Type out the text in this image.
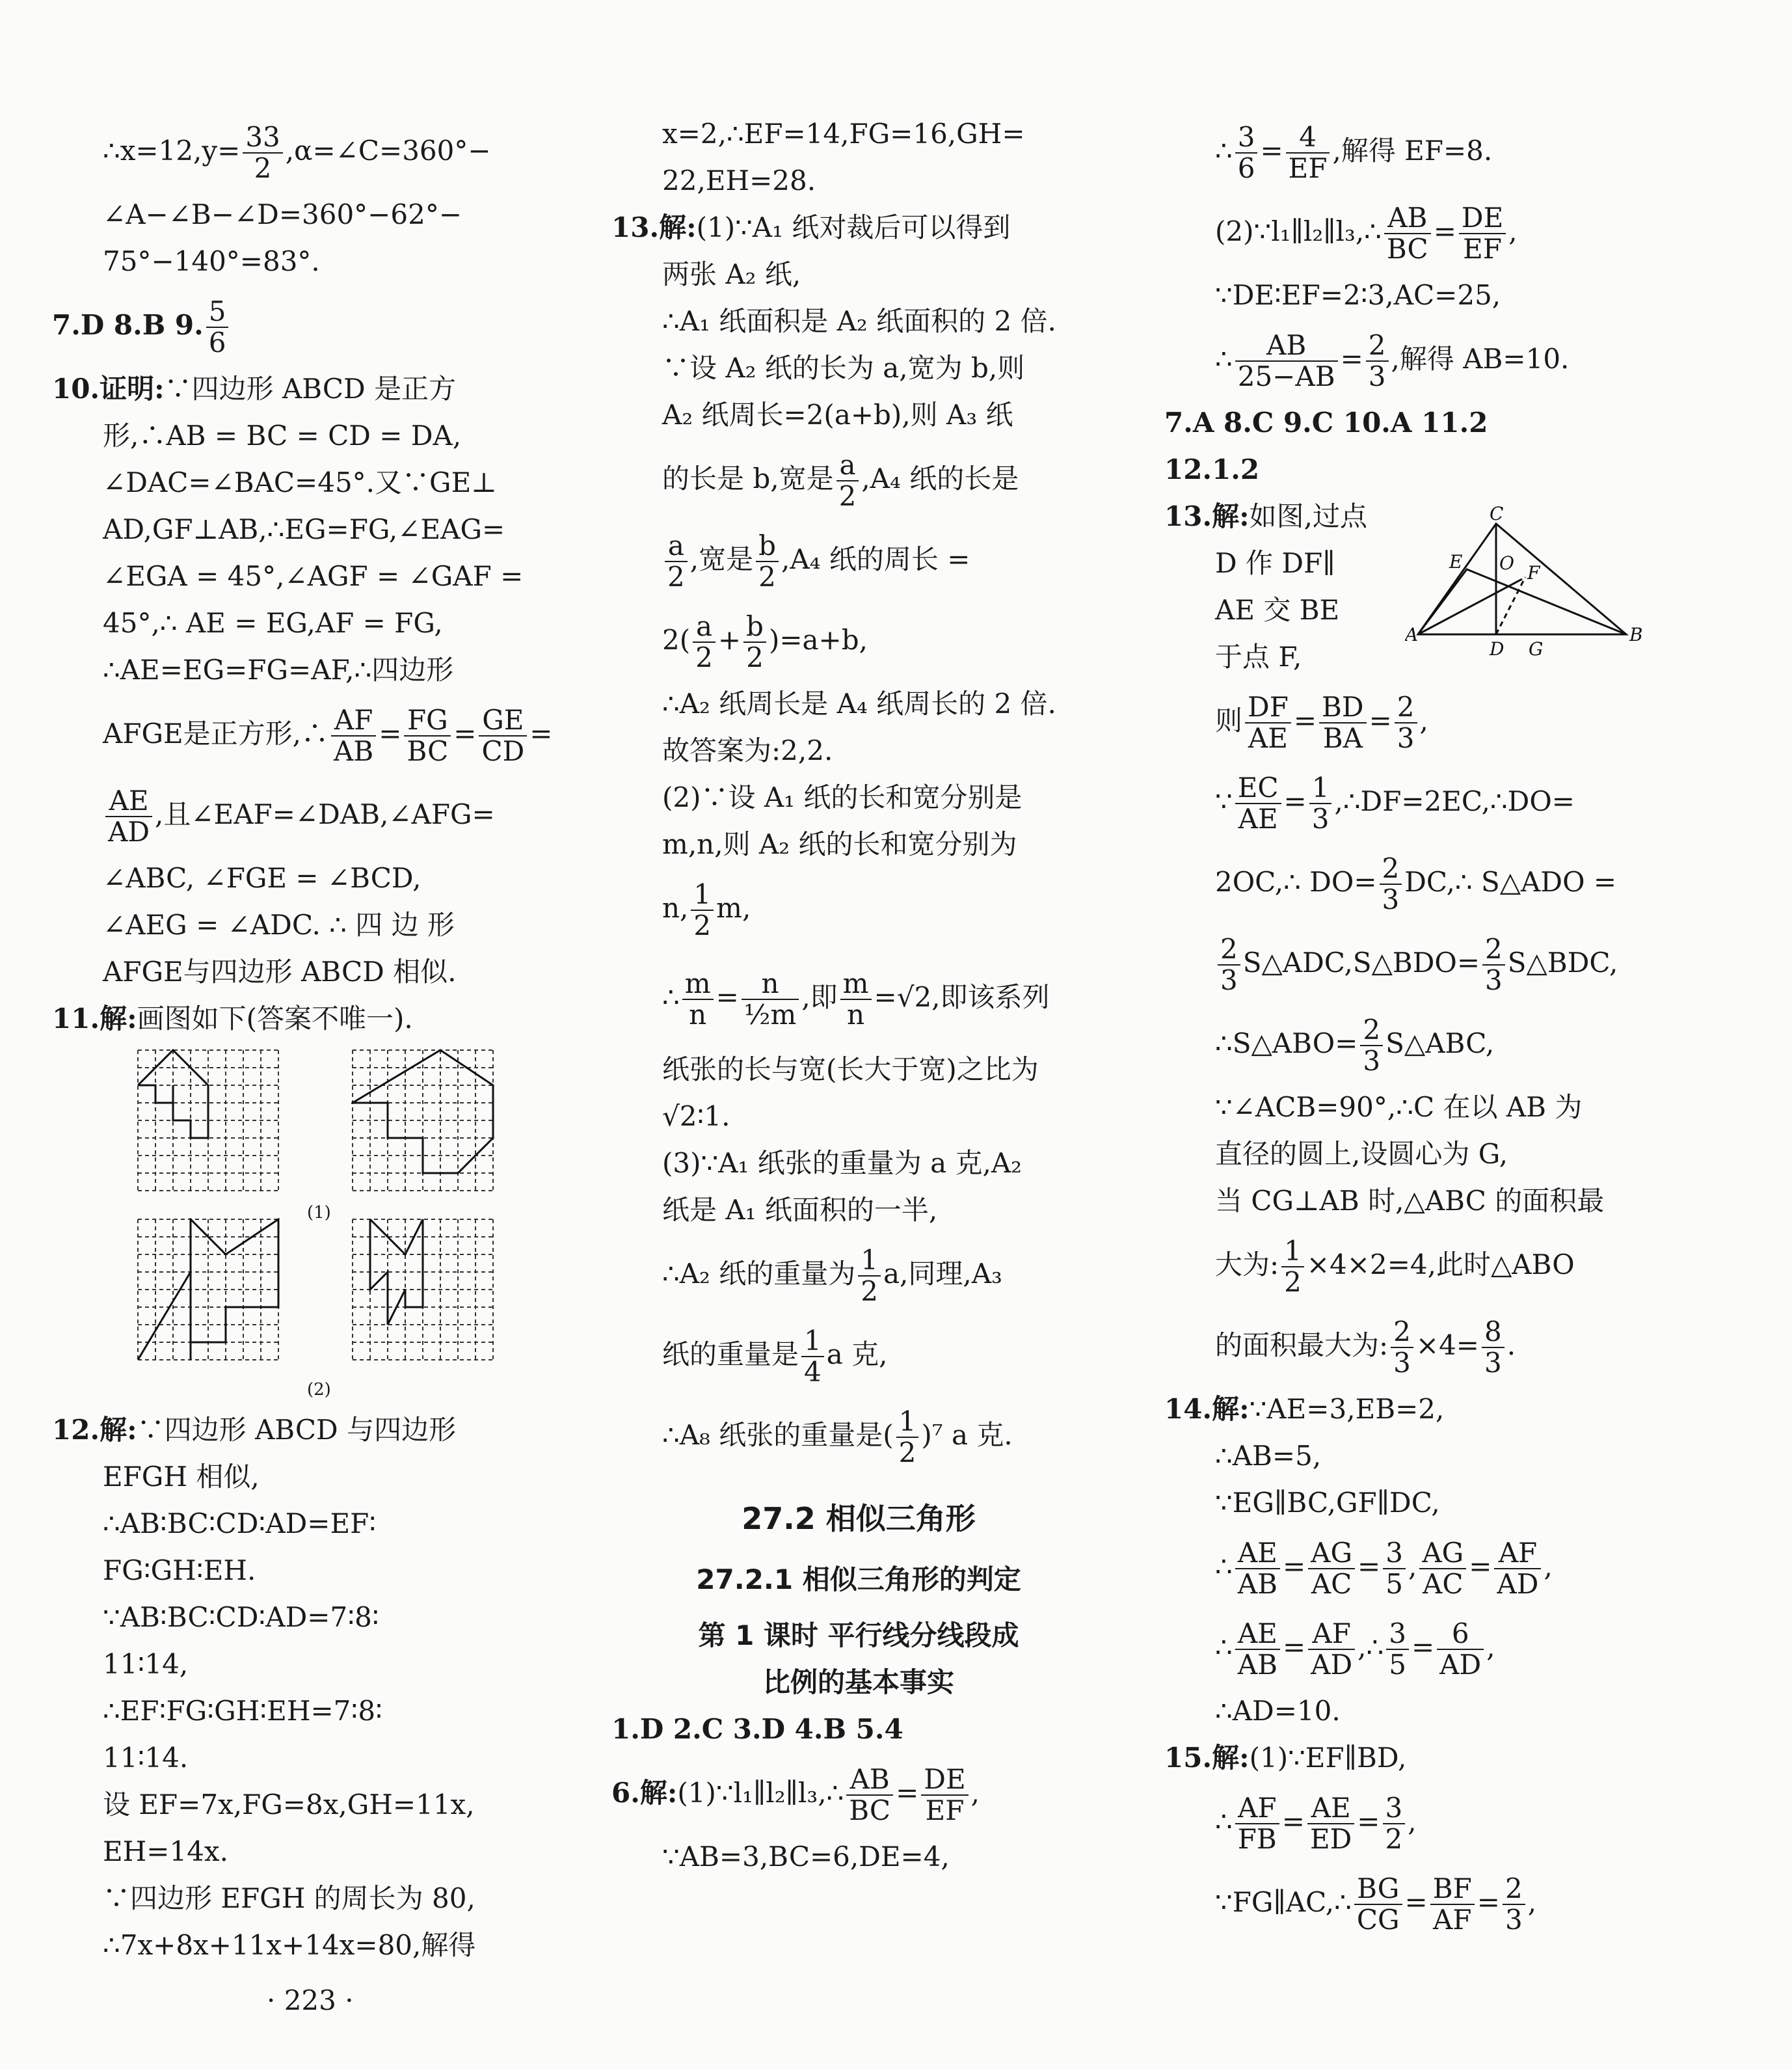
∴x=12,y= $\frac{33}{2}$ ,α=∠C=360°−
∠A−∠B−∠D=360°−62°−
75°−140°=83°.
7.D 8.B 9. $\frac{5}{6}$
10.证明:∵四边形 ABCD 是正方
形,∴AB = BC = CD = DA,
∠DAC=∠BAC=45°.又∵GE⊥
AD,GF⊥AB,∴EG=FG,∠EAG=
∠EGA = 45°,∠AGF = ∠GAF =
45°,∴ AE = EG,AF = FG,
∴AE=EG=FG=AF,∴四边形
AFGE是正方形,∴ $\frac{AF}{AB} = \frac{FG}{BC} = \frac{GE}{CD}$ =
$\frac{AE}{AD}$ ,且∠EAF=∠DAB,∠AFG=
∠ABC, ∠FGE = ∠BCD,
∠AEG = ∠ADC. ∴ 四 边 形
AFGE与四边形 ABCD 相似.
11.解:画图如下(答案不唯一).
(1)
(2)
12.解:∵四边形 ABCD 与四边形
EFGH 相似,
∴AB∶BC∶CD∶AD=EF∶
FG∶GH∶EH.
∵AB∶BC∶CD∶AD=7∶8∶
11∶14,
∴EF∶FG∶GH∶EH=7∶8∶
11∶14.
设 EF=7x,FG=8x,GH=11x,
EH=14x.
∵四边形 EFGH 的周长为 80,
∴7x+8x+11x+14x=80,解得
x=2,∴EF=14,FG=16,GH=
22,EH=28.
13.解:(1)∵A₁ 纸对裁后可以得到
两张 A₂ 纸,
∴A₁ 纸面积是 A₂ 纸面积的 2 倍.
∵设 A₂ 纸的长为 a,宽为 b,则
A₂ 纸周长=2(a+b),则 A₃ 纸
的长是 b,宽是 $\frac{a}{2} ,A_4$ 纸的长是
$\frac{a}{2}$ ,宽是 $\frac{b}{2} ,A_4$ 纸的周长 =
$2( \frac{a}{2} + \frac{b}{2} )=a+b$,
∴A₂ 纸周长是 A₄ 纸周长的 2 倍.
故答案为:2,2.
(2)∵设 A₁ 纸的长和宽分别是
m,n,则 A₂ 纸的长和宽分别为
n, $\frac{1}{2} m$,
∴ $\frac{m}{n} = \frac{n}{\text{½m}}$ ,即 $\frac{m}{n} =√2$,即该系列
纸张的长与宽(长大于宽)之比为
√2∶1.
(3)∵A₁ 纸张的重量为 a 克,A₂
纸是 A₁ 纸面积的一半,
∴A₂ 纸的重量为 $\frac{1}{2} a$,同理,A₃
纸的重量是 $\frac{1}{4}$ a 克,
∴A₈ 纸张的重量是( $\frac{1}{2} )^7$ a 克.
27.2 相似三角形
27.2.1 相似三角形的判定
第 1 课时 平行线分线段成
比例的基本事实
1.D 2.C 3.D 4.B 5.4
6.解:(1)∵l₁∥l₂∥l₃,∴ $\frac{AB}{BC} = \frac{DE}{EF}$ ,
∵AB=3,BC=6,DE=4,
∴ $\frac{3}{6} = \frac{4}{EF}$ ,解得 EF=8.
(2)∵l₁∥l₂∥l₃,∴ $\frac{AB}{BC} = \frac{DE}{EF}$ ,
∵DE∶EF=2∶3,AC=25,
∴ $\frac{AB}{25-AB} = \frac{2}{3}$ ,解得 AB=10.
7.A 8.C 9.C 10.A 11.2
12.1.2
13.解:如图,过点
D 作 DF∥
AE 交 BE
于点 F,
则 $\frac{DF}{AE} = \frac{BD}{BA} = \frac{2}{3}$ ,
∵ $\frac{EC}{AE} = \frac{1}{3}$ ,∴DF=2EC,∴DO=
2OC,∴ $DO= \frac{2}{3}$ DC,∴ S△ADO =
$\frac{2}{3}$ S△ADC,S△BDO= $\frac{2}{3}$ S△BDC,
∴S△ABO= $\frac{2}{3}$ S△ABC,
∵∠ACB=90°,∴C 在以 AB 为
直径的圆上,设圆心为 G,
当 CG⊥AB 时,△ABC 的面积最
大为: $\frac{1}{2} \times 4\times 2=4$,此时△ABO
的面积最大为: $\frac{2}{3} \times 4= \frac{8}{3}$ .
14.解:∵AE=3,EB=2,
∴AB=5,
∵EG∥BC,GF∥DC,
∴ $\frac{AE}{AB} = \frac{AG}{AC} = \frac{3}{5}$ , $\frac{AG}{AC} = \frac{AF}{AD}$ ,
∴ $\frac{AE}{AB} = \frac{AF}{AD}$ ,∴ $\frac{3}{5} = \frac{6}{AD}$ ,
∴AD=10.
15.解:(1)∵EF∥BD,
∴ $\frac{AF}{FB} = \frac{AE}{ED} = \frac{3}{2}$ ,
∵FG∥AC,∴ $\frac{BG}{CG} = \frac{BF}{AF} = \frac{2}{3}$ ,
C
E O F
A
D G
B
· 223 ·
